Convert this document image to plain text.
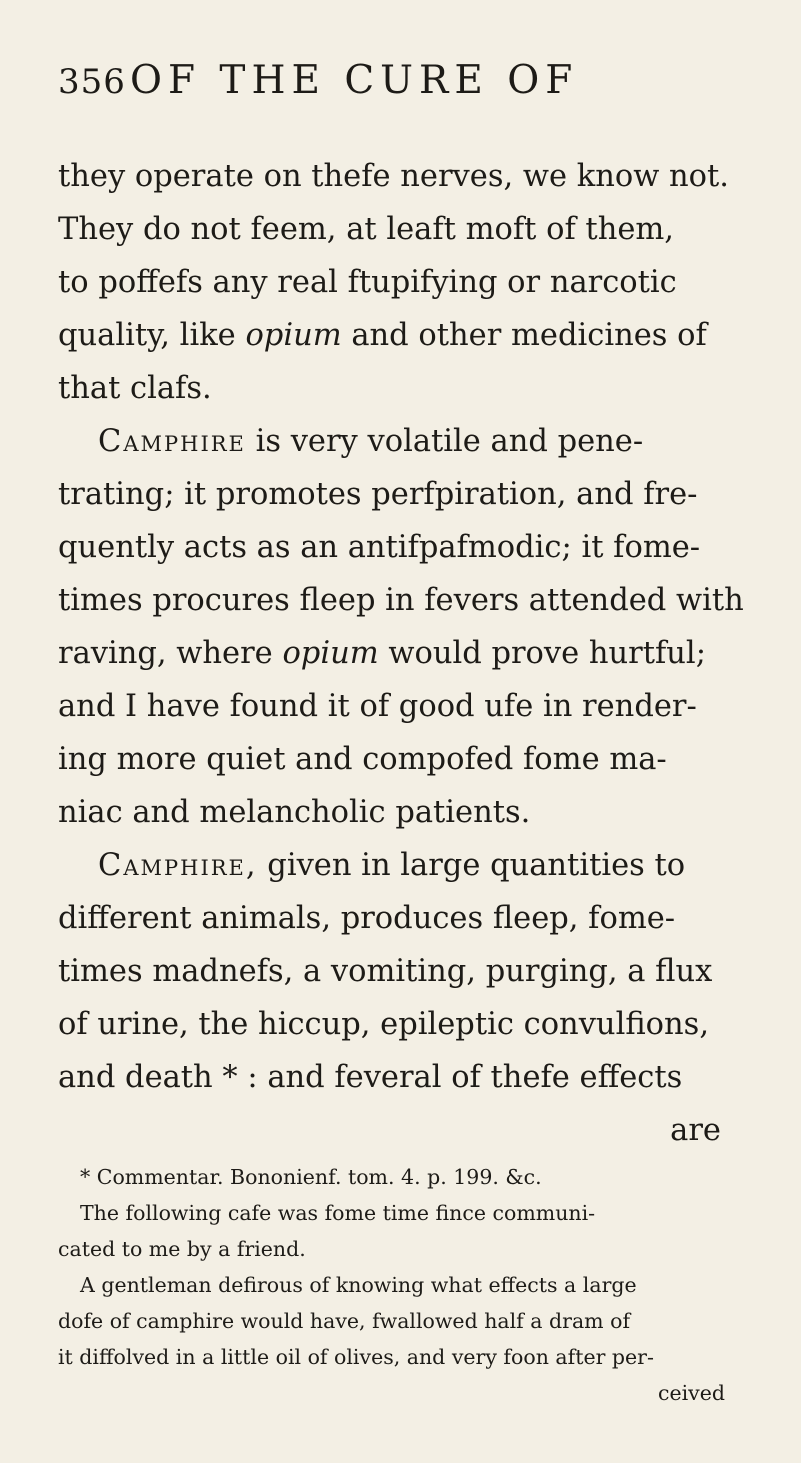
356 OF THE CURE OF
they operate on thefe nerves, we know not.
They do not feem, at leaft moft of them,
to poffefs any real ftupifying or narcotic
quality, like opium and other medicines of
that clafs.
Camphire is very volatile and pene-
trating; it promotes perfpiration, and fre-
quently acts as an antifpafmodic; it fome-
times procures fleep in fevers attended with
raving, where opium would prove hurtful;
and I have found it of good ufe in render-
ing more quiet and compofed fome ma-
niac and melancholic patients.
Camphire, given in large quantities to
different animals, produces fleep, fome-
times madnefs, a vomiting, purging, a flux
of urine, the hiccup, epileptic convulfions,
and death * : and feveral of thefe effects
are
* Commentar. Bononienf. tom. 4. p. 199. &c.
The following cafe was fome time fince communi-
cated to me by a friend.
A gentleman defirous of knowing what effects a large
dofe of camphire would have, fwallowed half a dram of
it diffolved in a little oil of olives, and very foon after per-
ceived
